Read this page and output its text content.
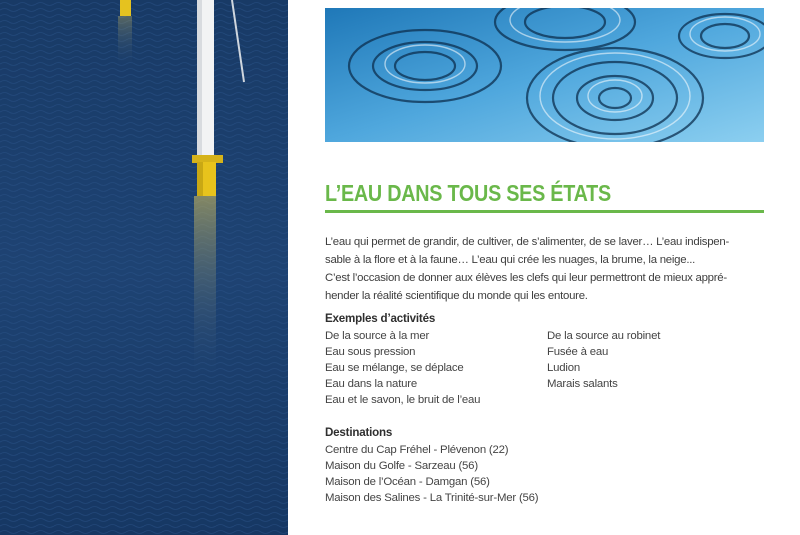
L’EAU DANS TOUS SES ÉTATS

L’eau qui permet de grandir, de cultiver, de s’alimenter, de se laver… L’eau indispen-

sable à la flore et à la faune… L’eau qui crée les nuages, la brume, la neige...

C’est l’occasion de donner aux élèves les clefs qui leur permettront de mieux appré-

hender la réalité scientifique du monde qui les entoure.

Exemples d’activités
De la source à la mer
Eau sous pression
Eau se mélange, se déplace
Eau dans la nature
Eau et le savon, le bruit de l’eau
De la source au robinet
Fusée à eau
Ludion
Marais salants
Destinations
Centre du Cap Fréhel - Plévenon (22)
Maison du Golfe - Sarzeau (56)
Maison de l’Océan - Damgan (56)
Maison des Salines - La Trinité-sur-Mer (56)
